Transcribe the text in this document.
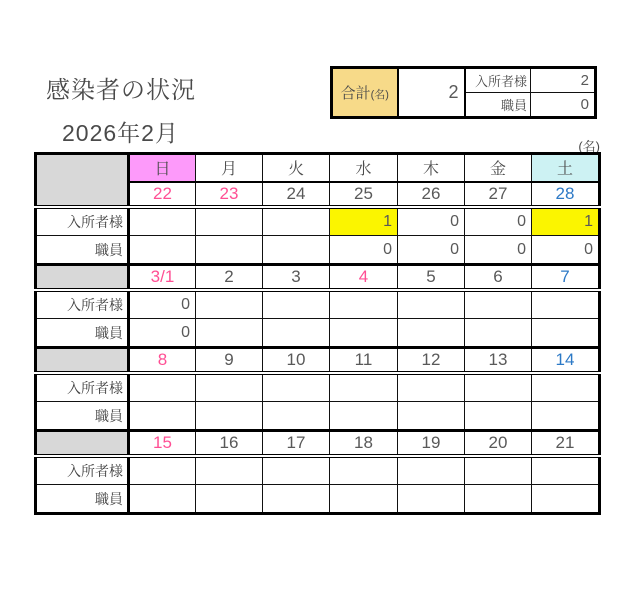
感染者の状況
2026年2月
(名)
合計(名)	2	入所者様	2
		職員	0
	日	月	火	水	木	金	土
	22	23	24	25	26	27	28
入所者様				1	0	0	1
職員				0	0	0	0
	3/1	2	3	4	5	6	7
入所者様	0						
職員	0						
	8	9	10	11	12	13	14
入所者様							
職員							
	15	16	17	18	19	20	21
入所者様							
職員							
